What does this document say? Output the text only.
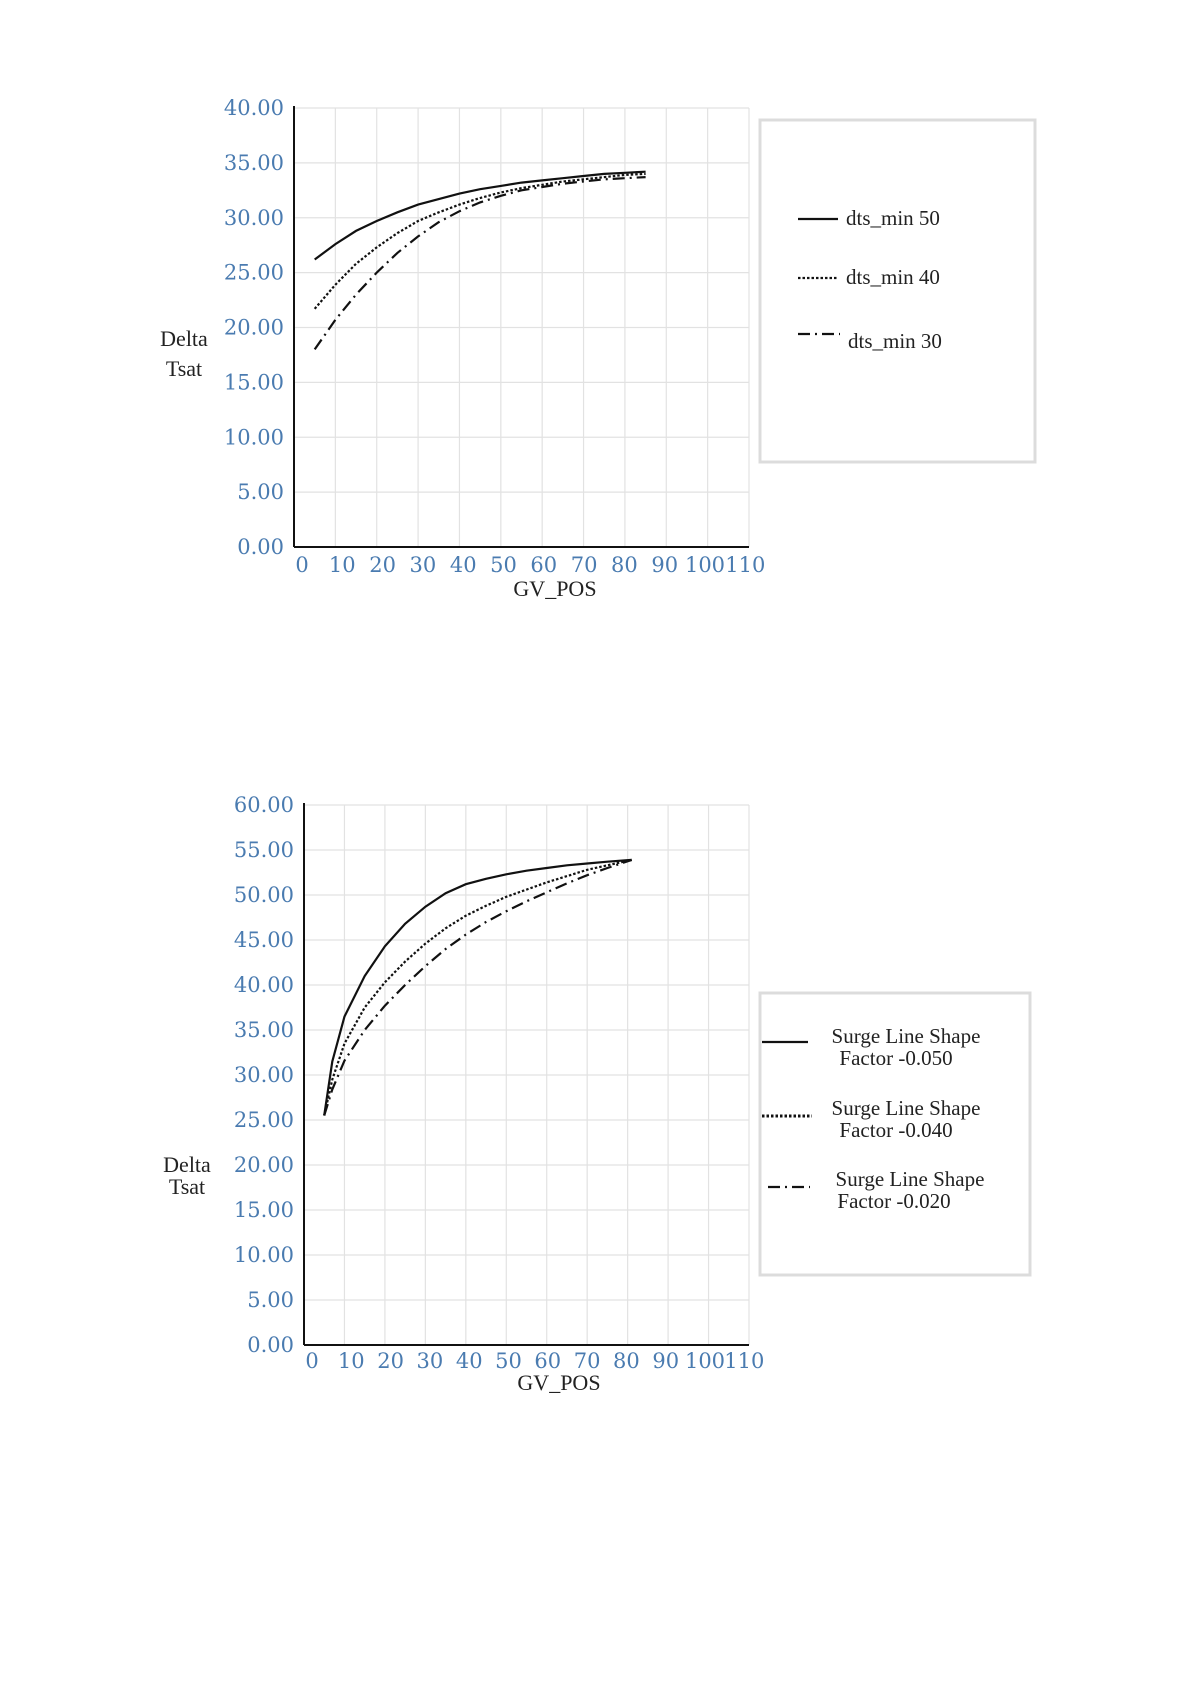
0.00
5.00
10.00
15.00
20.00
25.00
30.00
35.00
40.00
0 10 20 30 40 50 60 70 80 90 100 110
GV_POS
Delta
Tsat
dts_min 50
dts_min 40
dts_min 30
0.00
5.00
10.00
15.00
20.00
25.00
30.00
35.00
40.00
45.00
50.00
55.00
60.00
0 10 20 30 40 50 60 70 80 90 100 110
GV_POS
Delta
Tsat
Surge Line Shape
Factor -0.050
Surge Line Shape
Factor -0.040
Surge Line Shape
Factor -0.020
